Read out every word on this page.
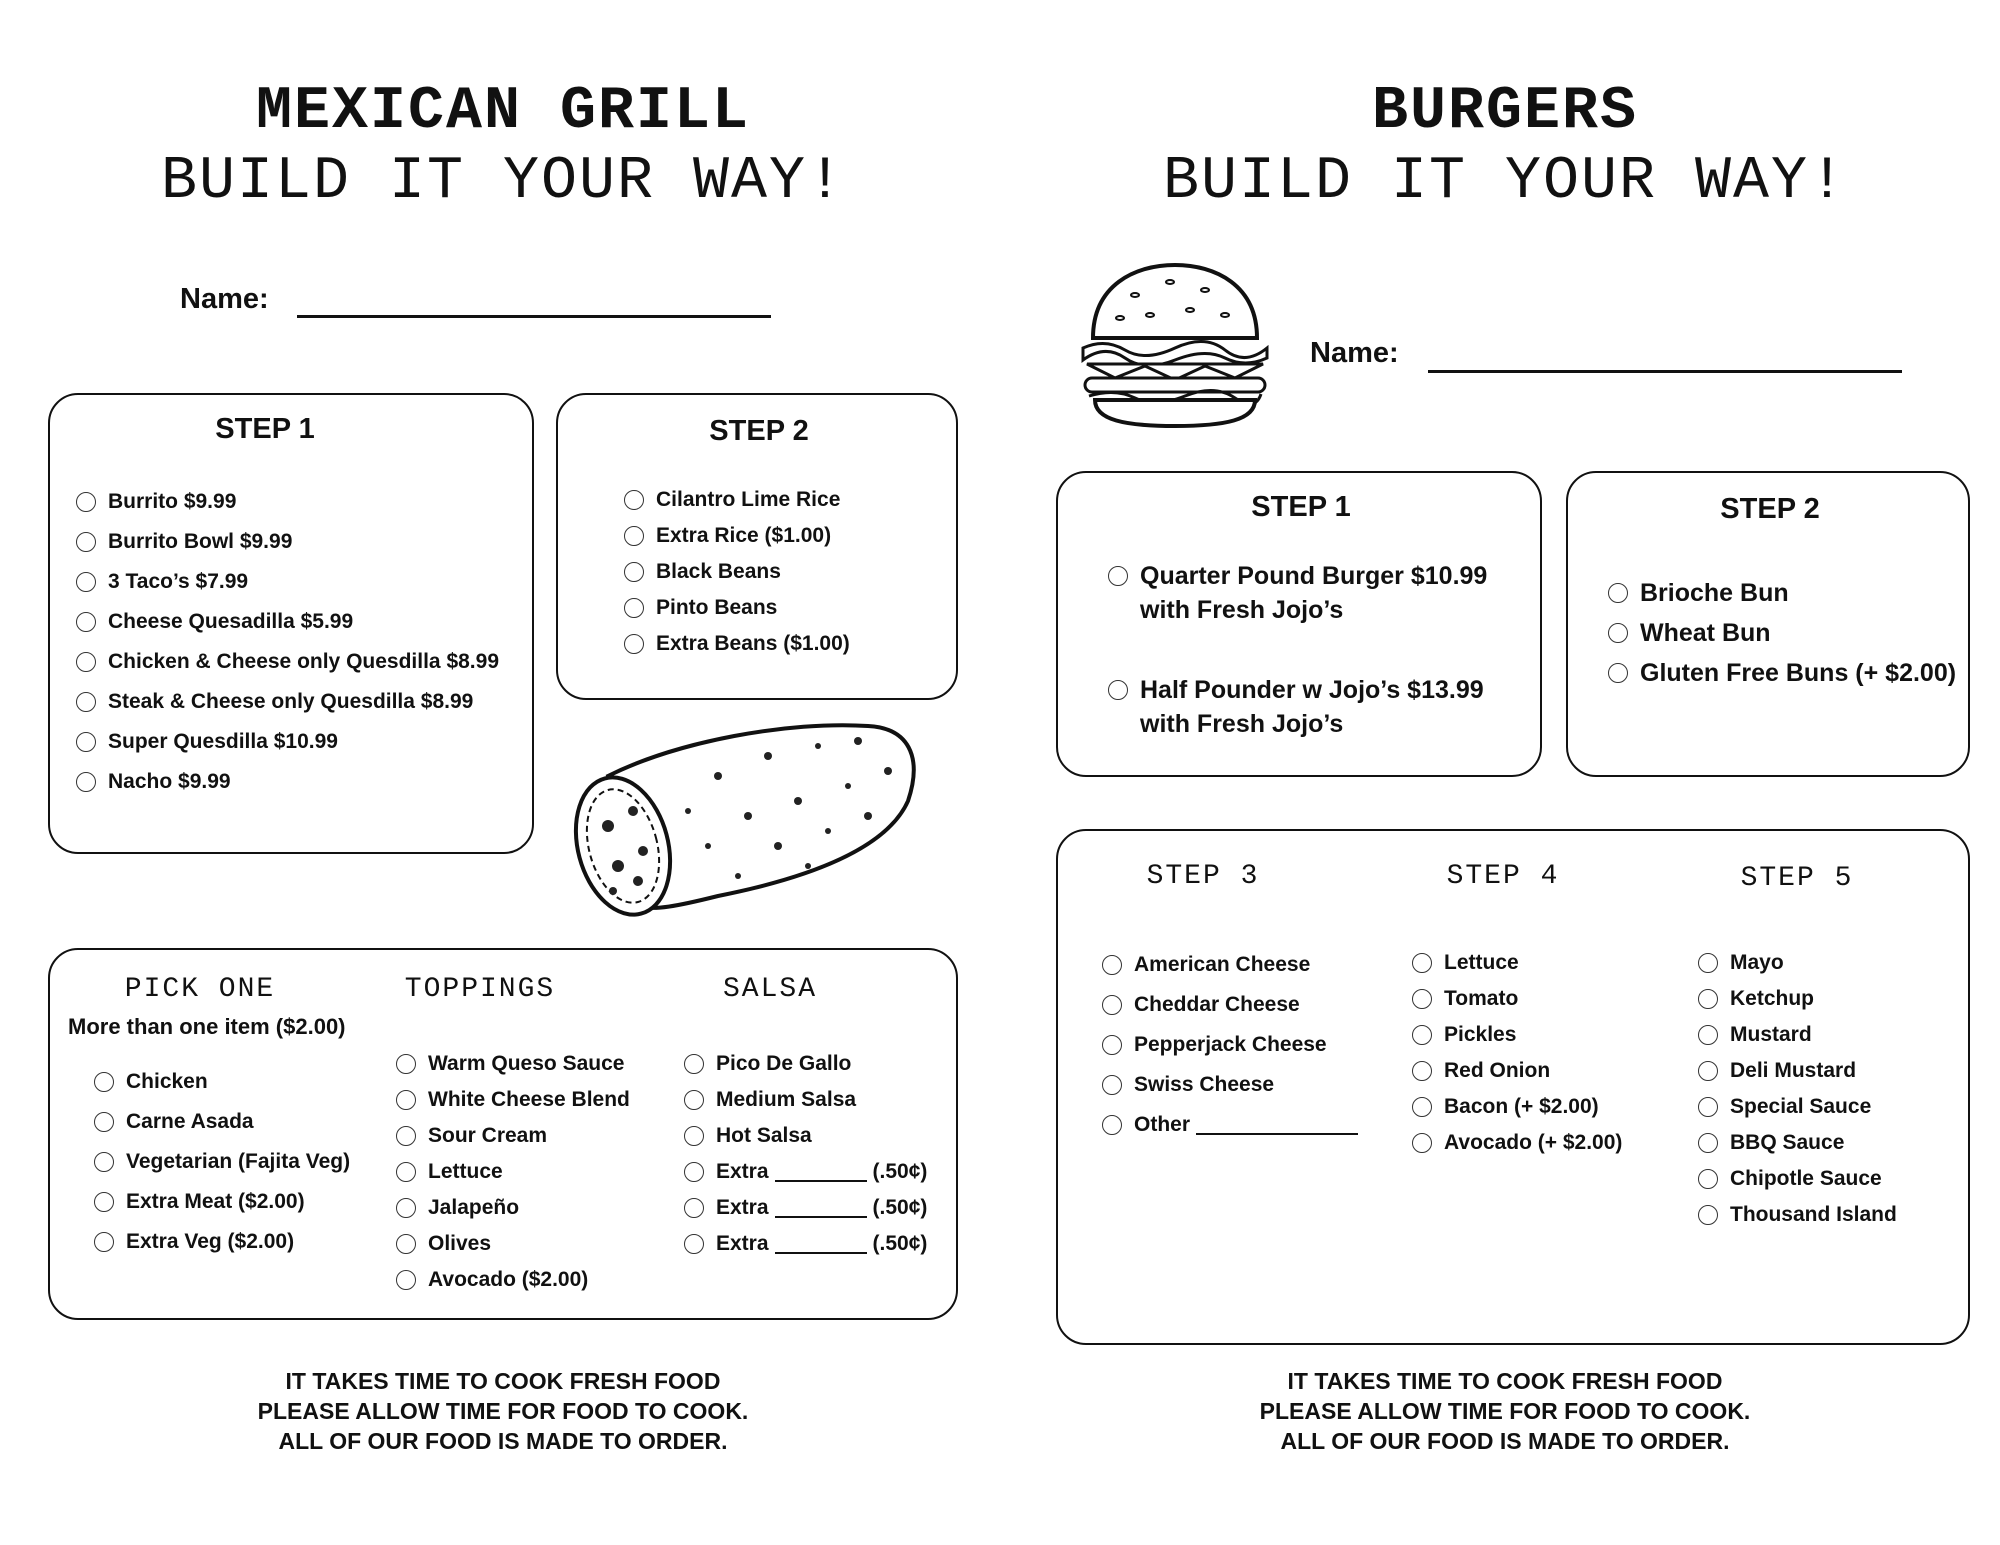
MEXICAN GRILL
BUILD IT YOUR WAY!
Name:
STEP 1
Burrito $9.99
Burrito Bowl $9.99
3 Taco’s $7.99
Cheese Quesadilla $5.99
Chicken & Cheese only Quesdilla $8.99
Steak & Cheese only Quesdilla $8.99
Super Quesdilla $10.99
Nacho $9.99
STEP 2
Cilantro Lime Rice
Extra Rice ($1.00)
Black Beans
Pinto Beans
Extra Beans ($1.00)
PICK ONE
More than one item ($2.00)
Chicken
Carne Asada
Vegetarian (Fajita Veg)
Extra Meat ($2.00)
Extra Veg ($2.00)
TOPPINGS
Warm Queso Sauce
White Cheese Blend
Sour Cream
Lettuce
Jalapeño
Olives
Avocado ($2.00)
SALSA
Pico De Gallo
Medium Salsa
Hot Salsa
Extra	(.50¢)
Extra	(.50¢)
Extra	(.50¢)
IT TAKES TIME TO COOK FRESH FOOD
PLEASE ALLOW TIME FOR FOOD TO COOK.
ALL OF OUR FOOD IS MADE TO ORDER.
BURGERS
BUILD IT YOUR WAY!
Name:
STEP 1
Quarter Pound Burger $10.99
with Fresh Jojo’s
Half Pounder w Jojo’s $13.99
with Fresh Jojo’s
STEP 2
Brioche Bun
Wheat Bun
Gluten Free Buns (+ $2.00)
STEP 3
American Cheese
Cheddar Cheese
Pepperjack Cheese
Swiss Cheese
Other
STEP 4
Lettuce
Tomato
Pickles
Red Onion
Bacon (+ $2.00)
Avocado (+ $2.00)
STEP 5
Mayo
Ketchup
Mustard
Deli Mustard
Special Sauce
BBQ Sauce
Chipotle Sauce
Thousand Island
IT TAKES TIME TO COOK FRESH FOOD
PLEASE ALLOW TIME FOR FOOD TO COOK.
ALL OF OUR FOOD IS MADE TO ORDER.
